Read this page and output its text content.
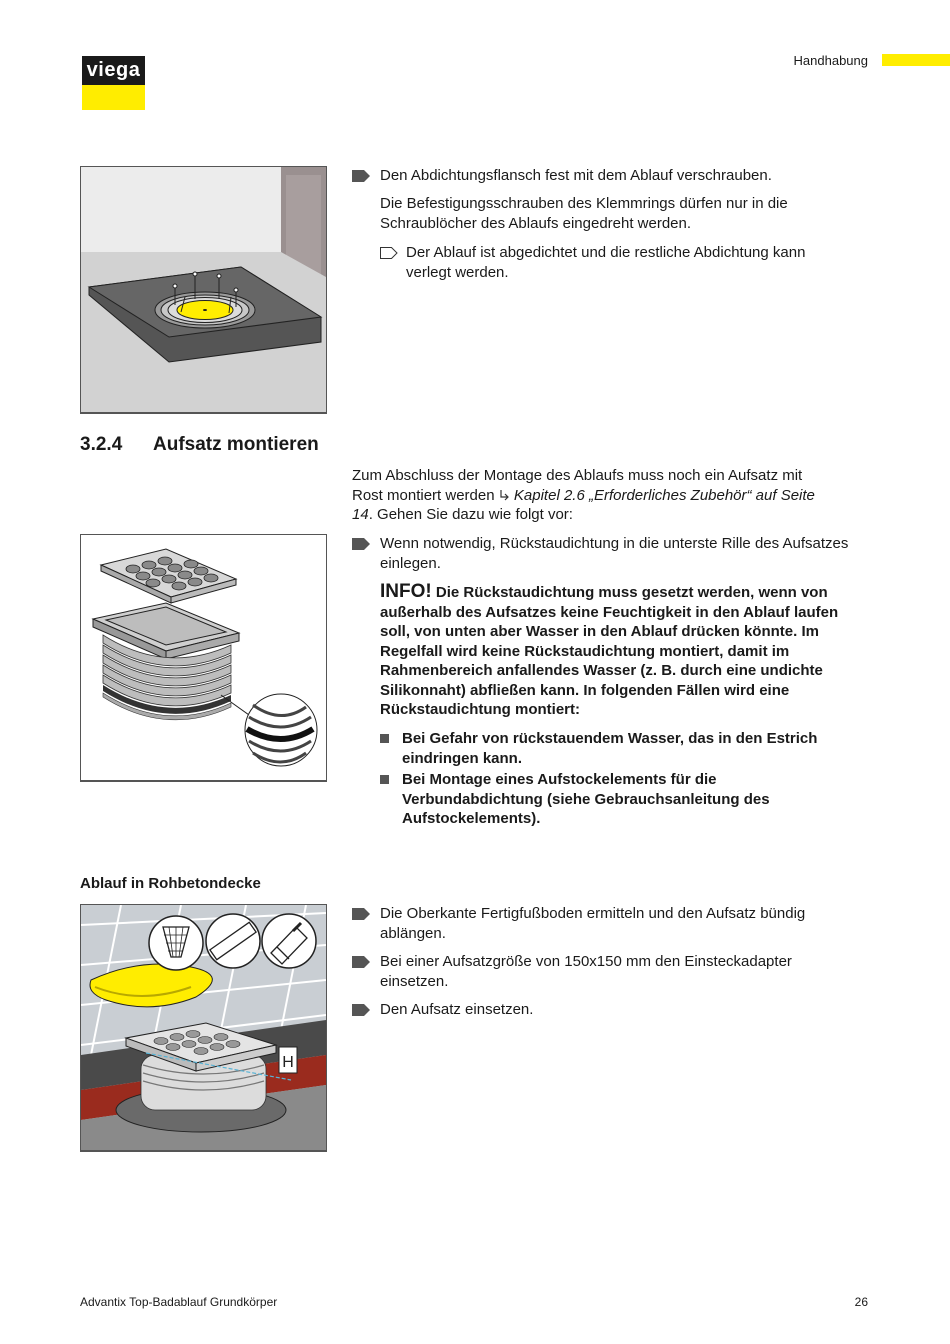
viega	Handhabung
Den Abdichtungsflansch fest mit dem Ablauf verschrauben.
Die Befestigungsschrauben des Klemmrings dürfen nur in die Schraublöcher des Ablaufs eingedreht werden.
Der Ablauf ist abgedichtet und die restliche Abdichtung kann verlegt werden.
3.2.4 Aufsatz montieren
Zum Abschluss der Montage des Ablaufs muss noch ein Aufsatz mit Rost montiert werden  Kapitel 2.6 „Erforderliches Zubehör“ auf Seite 14. Gehen Sie dazu wie folgt vor:
Wenn notwendig, Rückstaudichtung in die unterste Rille des Aufsatzes einlegen.
INFO! Die Rückstaudichtung muss gesetzt werden, wenn von außerhalb des Aufsatzes keine Feuchtigkeit in den Ablauf laufen soll, von unten aber Wasser in den Ablauf drücken könnte. Im Regelfall wird keine Rückstaudichtung montiert, damit im Rahmenbereich anfallendes Wasser (z. B. durch eine undichte Silikonnaht) abfließen kann. In folgenden Fällen wird eine Rückstaudichtung montiert:
Bei Gefahr von rückstauendem Wasser, das in den Estrich eindringen kann.
Bei Montage eines Aufstockelements für die Verbundabdichtung (siehe Gebrauchsanleitung des Aufstockelements).
Ablauf in Rohbetondecke
H
Die Oberkante Fertigfußboden ermitteln und den Aufsatz bündig ablängen.
Bei einer Aufsatzgröße von 150x150 mm den Einsteckadapter einsetzen.
Den Aufsatz einsetzen.
Advantix Top-Badablauf Grundkörper	26
